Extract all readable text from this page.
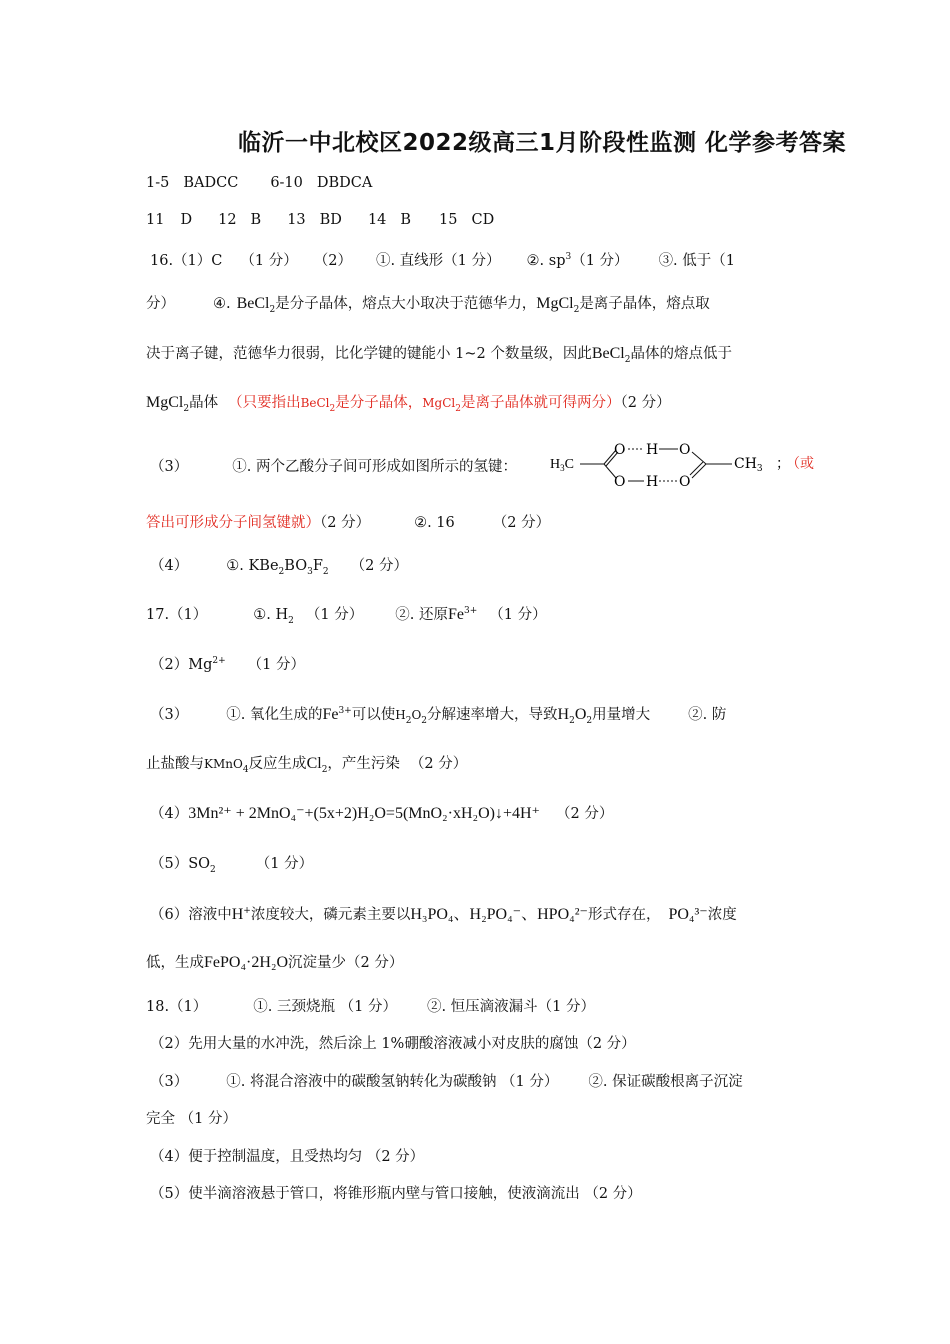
临沂一中北校区2022级高三1月阶段性监测 化学参考答案
1-5 BADCC 6-10 DBDCA
11 D 12 B 13 BD 14 B 15 CD
16.（1）C （1 分） （2） ①. 直线形（1 分） ②. $sp^3(1$ 分） ③. 低于（1
分）	④. BeCl$_2$是分子晶体，熔点大小取决于范德华力，MgCl$_2$是离子晶体，熔点取
决于离子键，范德华力很弱，比化学键的键能小 1~2 个数量级，因此BeCl$_2$晶体的熔点低于
MgCl$_2$晶体 （只要指出BeCl$_2$是分子晶体，MgCl$_2$是离子晶体就可得两分）（2 分）
（3）	①. 两个乙酸分子间可形成如图所示的氢键：	$H_3C$
O
O
H O
H O
$CH_3$ ；
（或
答出可形成分子间氢键就）（2 分）	②. 16	（2 分）
（4）	①. $KBe_2BO_3F_2$ （2 分）
17.（1）	①. $H_2$ （1 分） ②. 还原$Fe^{3+}$ （1 分）
$(2)Mg^{2+}$ （1 分）
（3）	①. 氧化生成的$Fe^{3+}$可以使$H_2O_2$分解速率增大，导致$H_2O_2$用量增大	②. 防
止盐酸与KMnO$_4$反应生成$Cl_2$，产生污染 （2 分）
（4）3Mn²⁺ + 2MnO₄⁻+(5x+2)H₂O=5(MnO₂·xH₂O)↓+4H⁺ （2 分）
$(5)SO_2$	（1 分）
（6）溶液中H+浓度较大，磷元素主要以H₃PO₄、H₂PO₄⁻、HPO₄²⁻形式存在， PO₄³⁻浓度
低，生成FePO₄·2H₂O沉淀量少（2 分）
18.（1）	①. 三颈烧瓶 （1 分） ②. 恒压滴液漏斗（1 分）
（2）先用大量的水冲洗，然后涂上 1%硼酸溶液减小对皮肤的腐蚀（2 分）
（3）	①. 将混合溶液中的碳酸氢钠转化为碳酸钠 （1 分） ②. 保证碳酸根离子沉淀
完全 （1 分）
（4）便于控制温度，且受热均匀 （2 分）
（5）使半滴溶液悬于管口，将锥形瓶内壁与管口接触，使液滴流出 （2 分）
